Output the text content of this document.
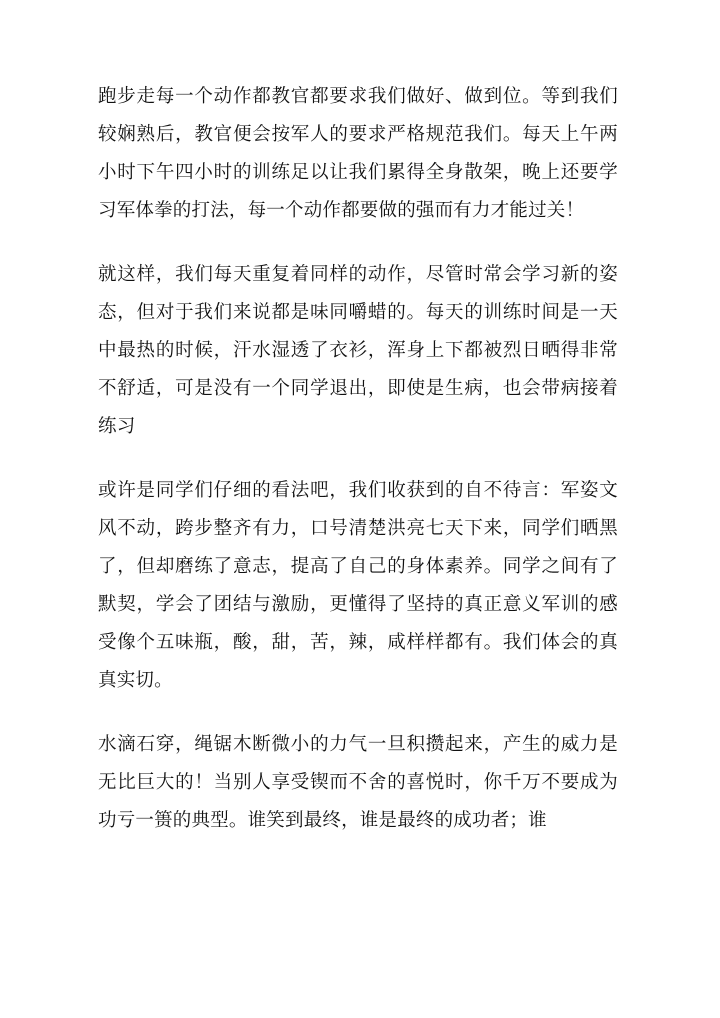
跑步走每一个动作都教官都要求我们做好、做到位。等到我们较娴熟后，教官便会按军人的要求严格规范我们。每天上午两小时下午四小时的训练足以让我们累得全身散架，晚上还要学习军体拳的打法，每一个动作都要做的强而有力才能过关！

就这样，我们每天重复着同样的动作，尽管时常会学习新的姿态，但对于我们来说都是味同嚼蜡的。每天的训练时间是一天中最热的时候，汗水湿透了衣衫，浑身上下都被烈日晒得非常不舒适，可是没有一个同学退出，即使是生病，也会带病接着练习

或许是同学们仔细的看法吧，我们收获到的自不待言：军姿文风不动，跨步整齐有力，口号清楚洪亮七天下来，同学们晒黑了，但却磨练了意志，提高了自己的身体素养。同学之间有了默契，学会了团结与激励，更懂得了坚持的真正意义军训的感受像个五味瓶，酸，甜，苦，辣，咸样样都有。我们体会的真真实切。

水滴石穿，绳锯木断微小的力气一旦积攒起来，产生的威力是无比巨大的！当别人享受锲而不舍的喜悦时，你千万不要成为功亏一篑的典型。谁笑到最终，谁是最终的成功者；谁
